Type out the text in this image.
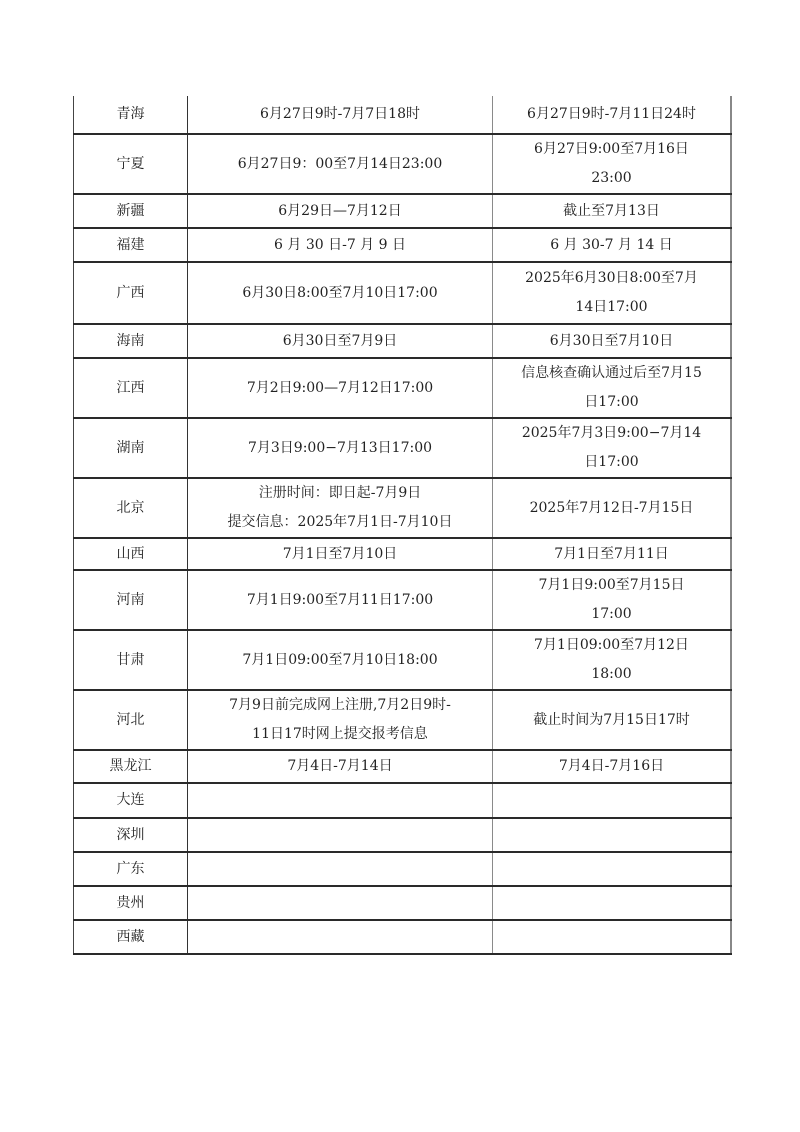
青海	6月27日9时-7月7日18时	6月27日9时-7月11日24时

宁夏	6月27日9：00至7月14日23:00	6月27日9:00至7月16日
23:00

新疆	6月29日—7月12日	截止至7月13日

福建	6 月 30 日-7 月 9 日	6 月 30-7 月 14 日

广西	6月30日8:00至7月10日17:00	2025年6月30日8:00至7月
14日17:00

海南	6月30日至7月9日	6月30日至7月10日

江西	7月2日9:00—7月12日17:00	信息核查确认通过后至7月15
日17:00

湖南	7月3日9:00−7月13日17:00	2025年7月3日9:00−7月14
日17:00

北京	注册时间：即日起-7月9日
提交信息：2025年7月1日-7月10日	2025年7月12日-7月15日

山西	7月1日至7月10日	7月1日至7月11日

河南	7月1日9:00至7月11日17:00	7月1日9:00至7月15日
17:00

甘肃	7月1日09:00至7月10日18:00	7月1日09:00至7月12日
18:00

河北	7月9日前完成网上注册,7月2日9时-
11日17时网上提交报考信息	截止时间为7月15日17时

黑龙江	7月4日-7月14日	7月4日-7月16日

大连		
深圳		
广东		
贵州		
西藏		
